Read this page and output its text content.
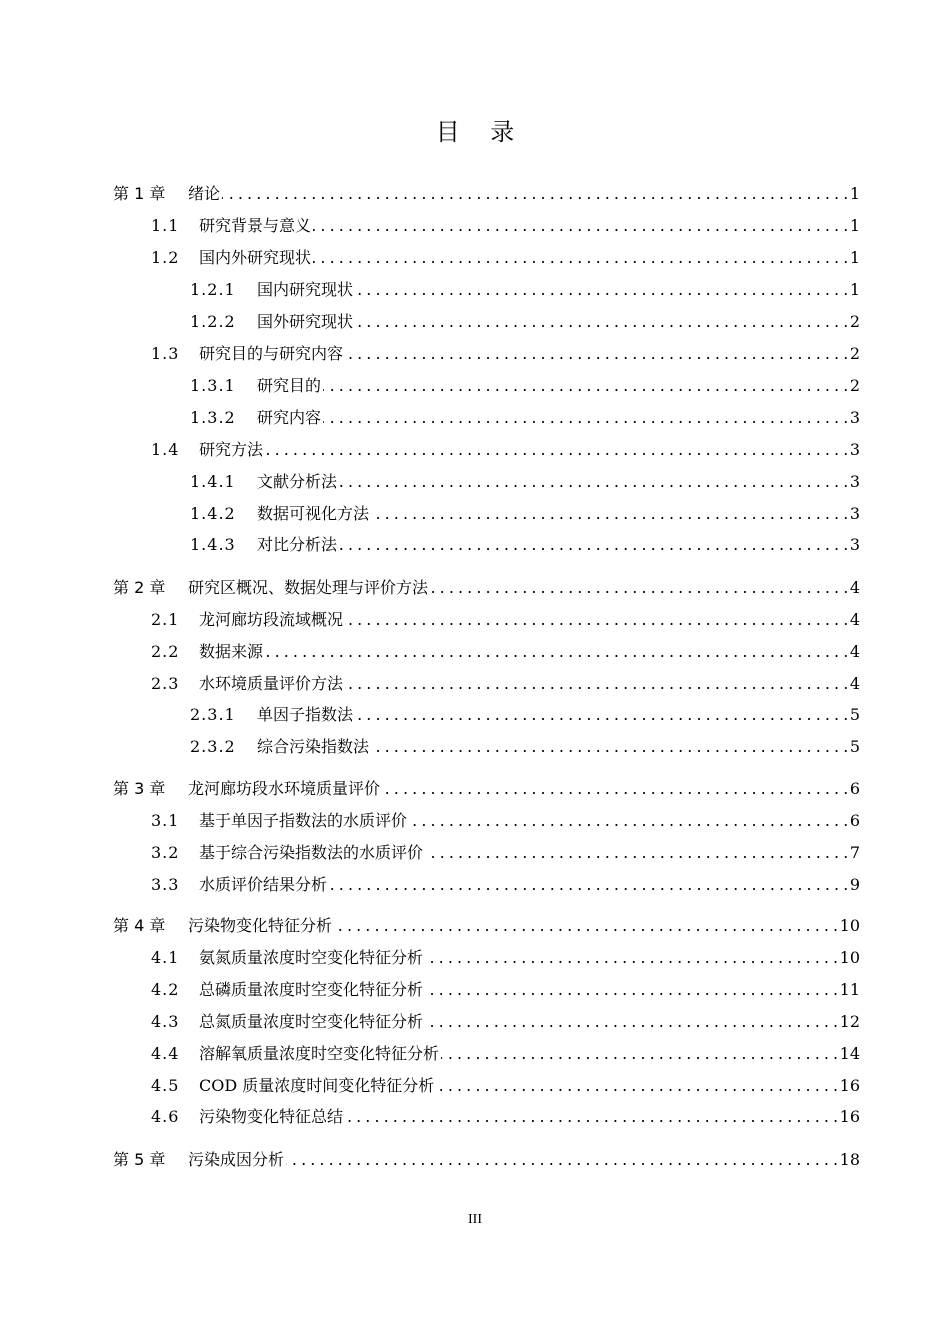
目    录
第 1 章	绪论 . . .	1
1.1	研究背景与意义 . . .	1
1.2	国内外研究现状 . . .	1
1.2.1	国内研究现状 . . .	1
1.2.2	国外研究现状 . . .	2
1.3	研究目的与研究内容 . . .	2
1.3.1	研究目的 . . .	2
1.3.2	研究内容 . . .	3
1.4	研究方法 . . .	3
1.4.1	文献分析法 . . .	3
1.4.2	数据可视化方法 . . .	3
1.4.3	对比分析法 . . .	3
第 2 章	研究区概况、数据处理与评价方法 . . .	4
2.1	龙河廊坊段流域概况 . . .	4
2.2	数据来源 . . .	4
2.3	水环境质量评价方法 . . .	4
2.3.1	单因子指数法 . . .	5
2.3.2	综合污染指数法 . . .	5
第 3 章	龙河廊坊段水环境质量评价 . . .	6
3.1	基于单因子指数法的水质评价 . . .	6
3.2	基于综合污染指数法的水质评价 . . .	7
3.3	水质评价结果分析 . . .	9
第 4 章	污染物变化特征分析 . . .	10
4.1	氨氮质量浓度时空变化特征分析 . . .	10
4.2	总磷质量浓度时空变化特征分析 . . .	11
4.3	总氮质量浓度时空变化特征分析 . . .	12
4.4	溶解氧质量浓度时空变化特征分析 . . .	14
4.5	COD 质量浓度时间变化特征分析 . . .	16
4.6	污染物变化特征总结 . . .	16
第 5 章	污染成因分析 . . .	18
III
